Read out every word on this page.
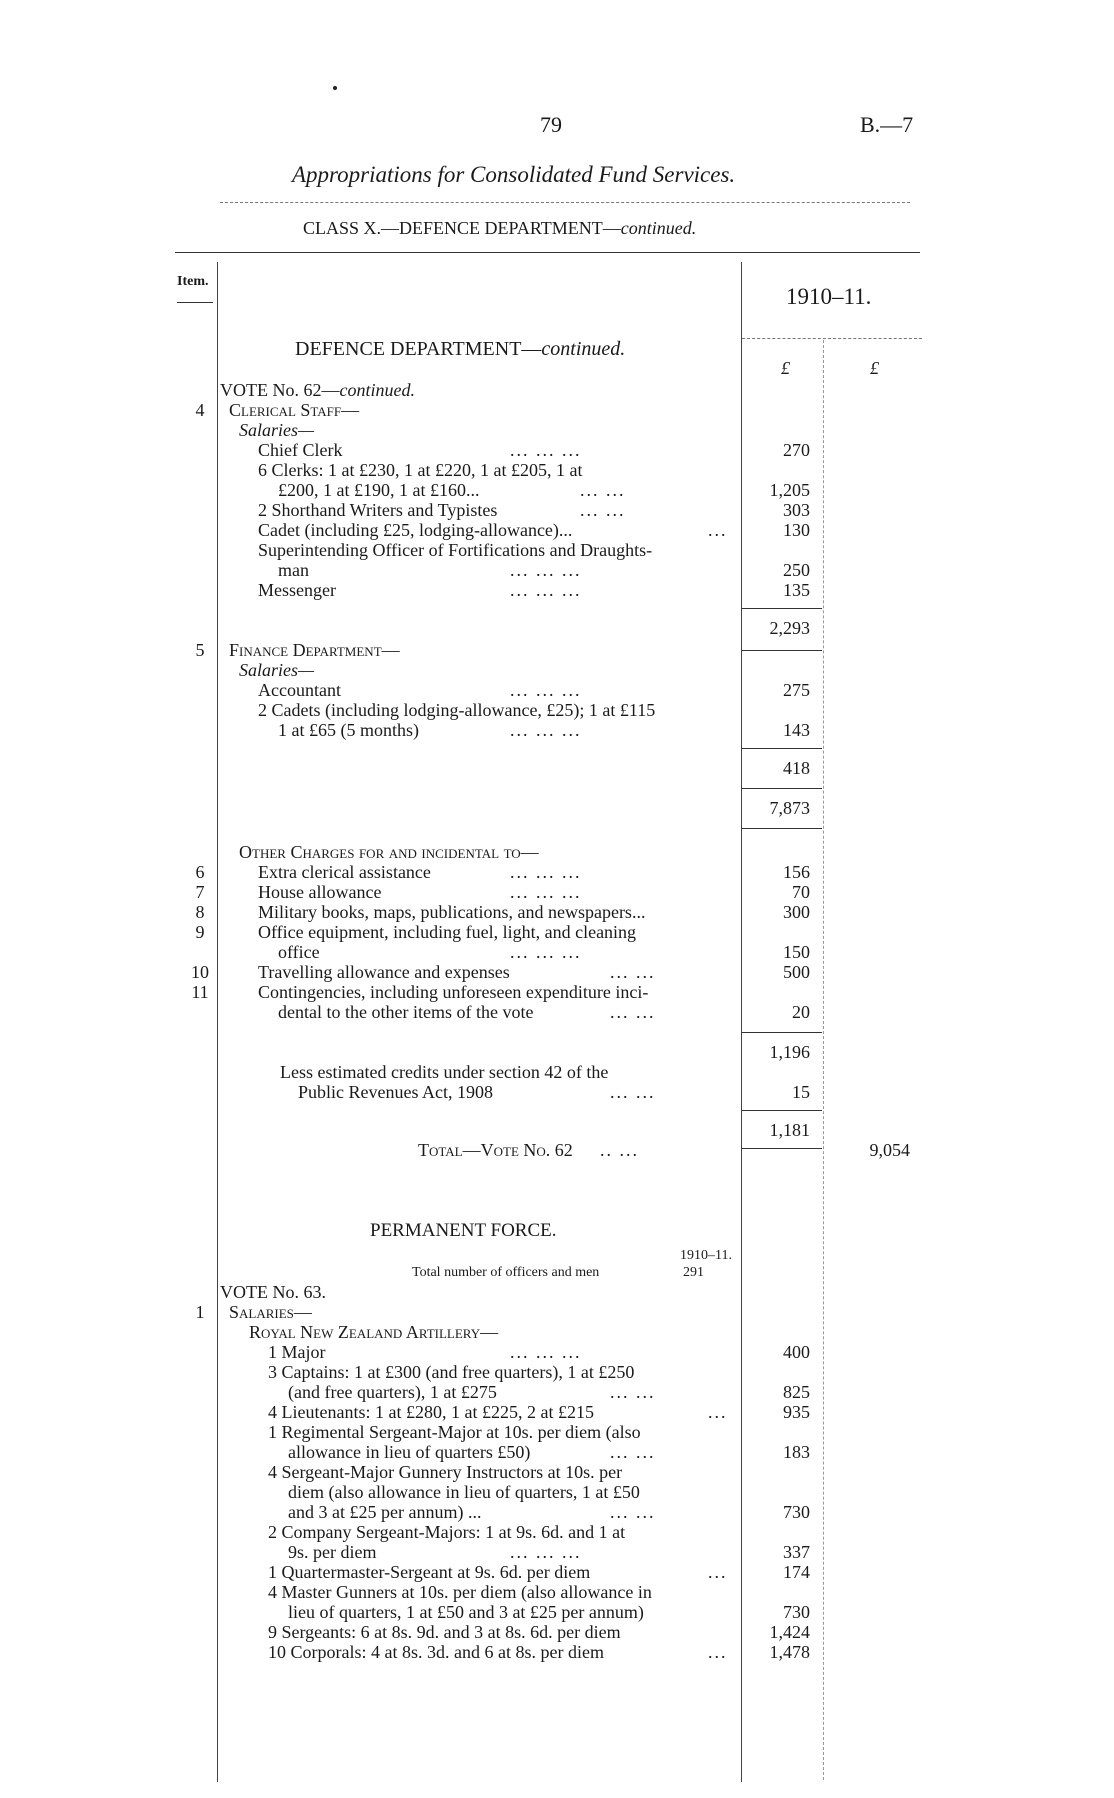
79	B.—7
Appropriations for Consolidated Fund Services.
CLASS X.—DEFENCE DEPARTMENT—continued.
Item.
1910–11.
£	£
DEFENCE DEPARTMENT—continued.
VOTE No. 62—continued.
4	Clerical Staff—
Salaries—
Chief Clerk	... ... ...	270
6 Clerks: 1 at £230, 1 at £220, 1 at £205, 1 at
£200, 1 at £190, 1 at £160...	... ...	1,205
2 Shorthand Writers and Typistes	... ...	303
Cadet (including £25, lodging-allowance)...	...	130
Superintending Officer of Fortifications and Draughts-
man	... ... ...	250
Messenger	... ... ...	135
2,293
5	Finance Department—
Salaries—
Accountant	... ... ...	275
2 Cadets (including lodging-allowance, £25); 1 at £115
1 at £65 (5 months)	... ... ...	143
418
7,873
Other Charges for and incidental to—
6	Extra clerical assistance	... ... ...	156
7	House allowance	... ... ...	70
8	Military books, maps, publications, and newspapers...	300
9	Office equipment, including fuel, light, and cleaning
office	... ... ...	150
10	Travelling allowance and expenses	... ...	500
11	Contingencies, including unforeseen expenditure inci-
dental to the other items of the vote	... ...	20
1,196
Less estimated credits under section 42 of the
Public Revenues Act, 1908	... ...	15
1,181
Total—Vote No. 62 .. ...	9,054
PERMANENT FORCE.
1910–11.
Total number of officers and men	291
VOTE No. 63.
1	Salaries—
Royal New Zealand Artillery—
1 Major	... ... ...	400
3 Captains: 1 at £300 (and free quarters), 1 at £250
(and free quarters), 1 at £275	... ...	825
4 Lieutenants: 1 at £280, 1 at £225, 2 at £215	...	935
1 Regimental Sergeant-Major at 10s. per diem (also
allowance in lieu of quarters £50)	... ...	183
4 Sergeant-Major Gunnery Instructors at 10s. per
diem (also allowance in lieu of quarters, 1 at £50
and 3 at £25 per annum) ...	... ...	730
2 Company Sergeant-Majors: 1 at 9s. 6d. and 1 at
9s. per diem	... ... ...	337
1 Quartermaster-Sergeant at 9s. 6d. per diem	...	174
4 Master Gunners at 10s. per diem (also allowance in
lieu of quarters, 1 at £50 and 3 at £25 per annum)	730
9 Sergeants: 6 at 8s. 9d. and 3 at 8s. 6d. per diem	1,424
10 Corporals: 4 at 8s. 3d. and 6 at 8s. per diem	...	1,478
